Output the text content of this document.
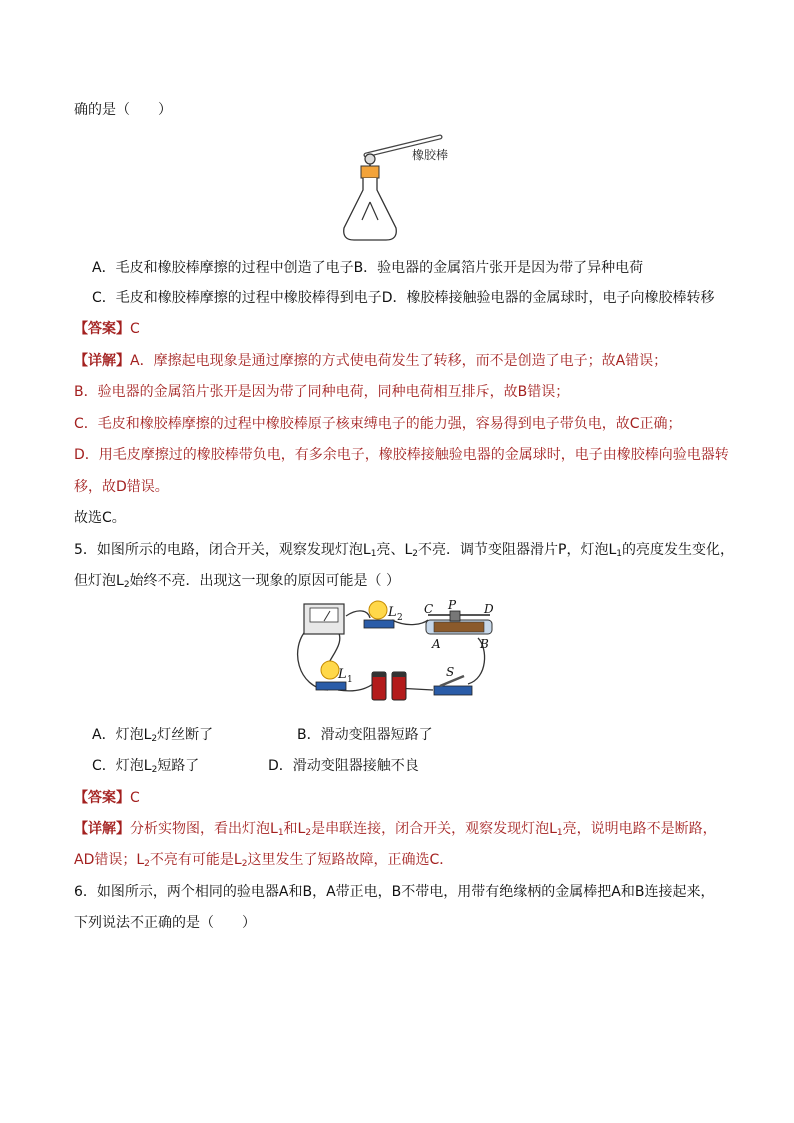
确的是（　　）
橡胶棒
A．毛皮和橡胶棒摩擦的过程中创造了电子B．验电器的金属箔片张开是因为带了异种电荷
C．毛皮和橡胶棒摩擦的过程中橡胶棒得到电子D．橡胶棒接触验电器的金属球时，电子向橡胶棒转移
【答案】C
【详解】A．摩擦起电现象是通过摩擦的方式使电荷发生了转移，而不是创造了电子；故A错误；
B．验电器的金属箔片张开是因为带了同种电荷，同种电荷相互排斥，故B错误；
C．毛皮和橡胶棒摩擦的过程中橡胶棒原子核束缚电子的能力强，容易得到电子带负电，故C正确；
D．用毛皮摩擦过的橡胶棒带负电，有多余电子，橡胶棒接触验电器的金属球时，电子由橡胶棒向验电器转
移，故D错误。
故选C。
5．如图所示的电路，闭合开关，观察发现灯泡$L_1$亮、$L_2$不亮．调节变阻器滑片P，灯泡$L_1$的亮度发生变化，
但灯泡$L_2$始终不亮．出现这一现象的原因可能是（ ）
L 2
L 1
S
C P D
A	B
A．灯泡$L_2$灯丝断了	B．滑动变阻器短路了
C．灯泡$L_2$短路了	D．滑动变阻器接触不良
【答案】C
【详解】分析实物图，看出灯泡$L_1$和$L_2$是串联连接，闭合开关，观察发现灯泡$L_1$亮，说明电路不是断路，
AD错误；$L_2$不亮有可能是$L_2$这里发生了短路故障，正确选C．
6．如图所示，两个相同的验电器A和B，A带正电，B不带电，用带有绝缘柄的金属棒把A和B连接起来，
下列说法不正确的是（　　）
